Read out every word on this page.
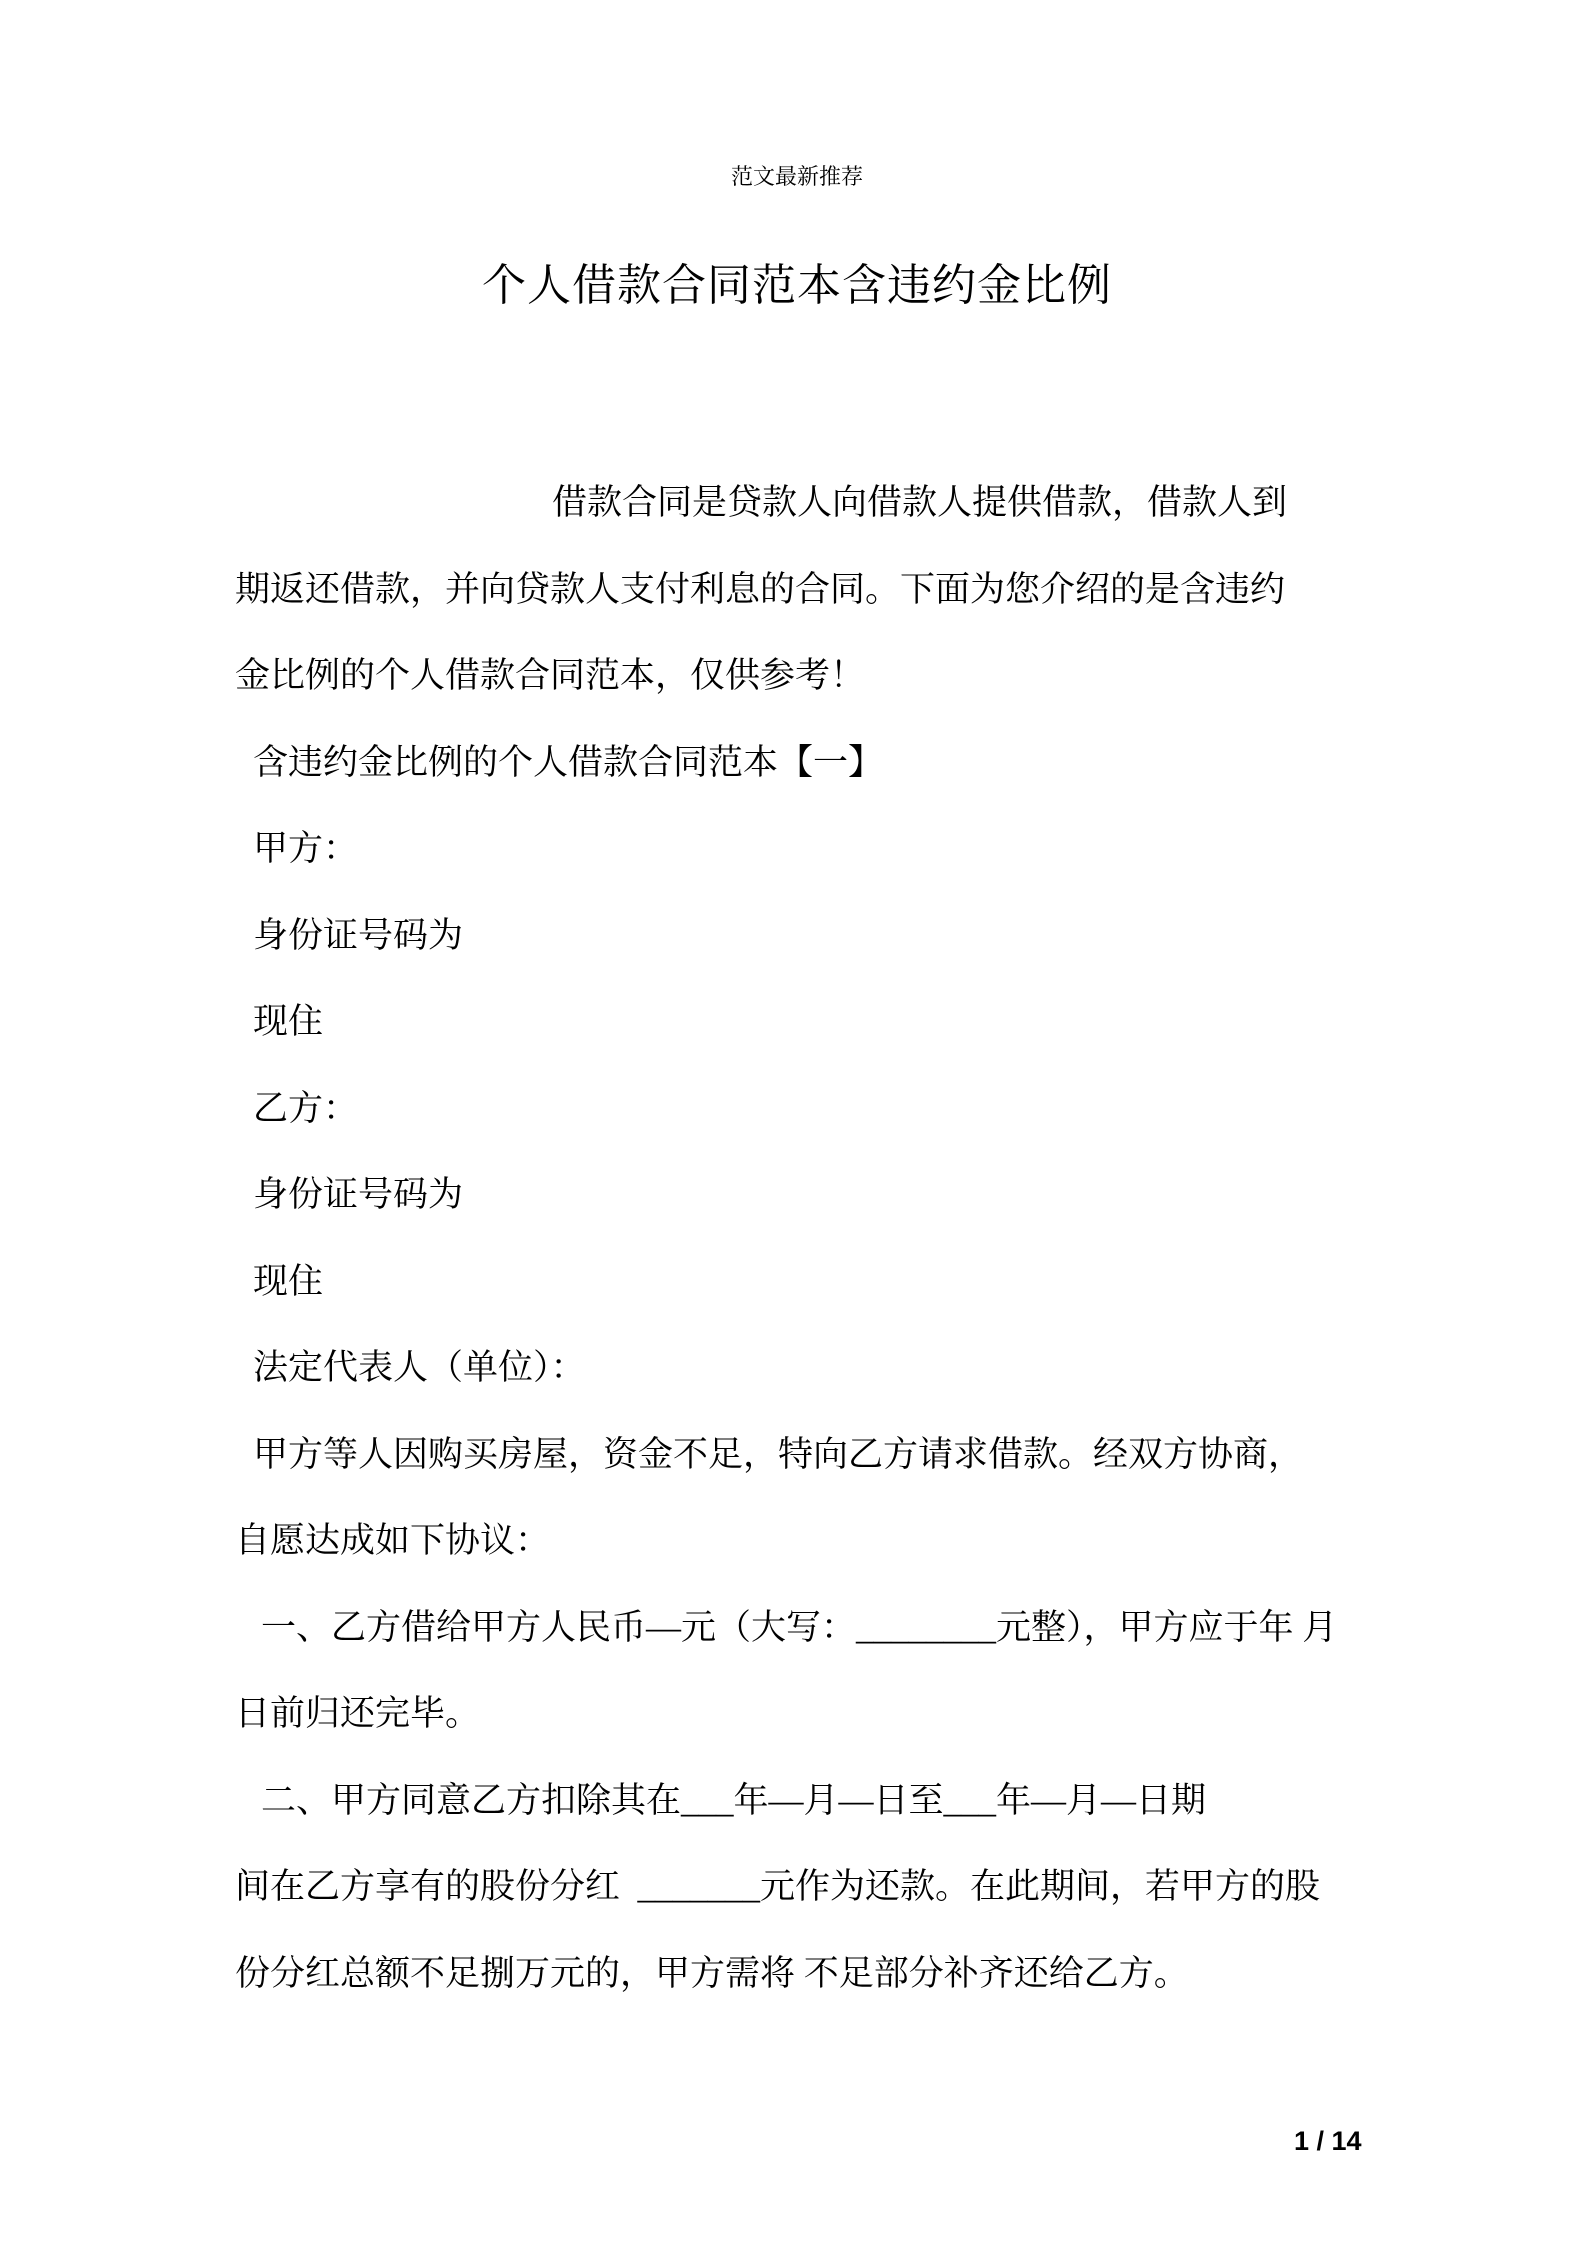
范文最新推荐
个人借款合同范本含违约金比例
借款合同是贷款人向借款人提供借款，借款人到
期返还借款，并向贷款人支付利息的合同。下面为您介绍的是含违约
金比例的个人借款合同范本，仅供参考！
含违约金比例的个人借款合同范本【一】
甲方：
身份证号码为
现住
乙方：
身份证号码为
现住
法定代表人（单位）：
甲方等人因购买房屋，资金不足，特向乙方请求借款。经双方协商，
自愿达成如下协议：
一、乙方借给甲方人民币—元（大写：________元整），甲方应于年 月
日前归还完毕。
二、甲方同意乙方扣除其在___年—月—日至___年—月—日期
间在乙方享有的股份分红  _______元作为还款。在此期间，若甲方的股
份分红总额不足捌万元的，甲方需将 不足部分补齐还给乙方。
1 / 14
